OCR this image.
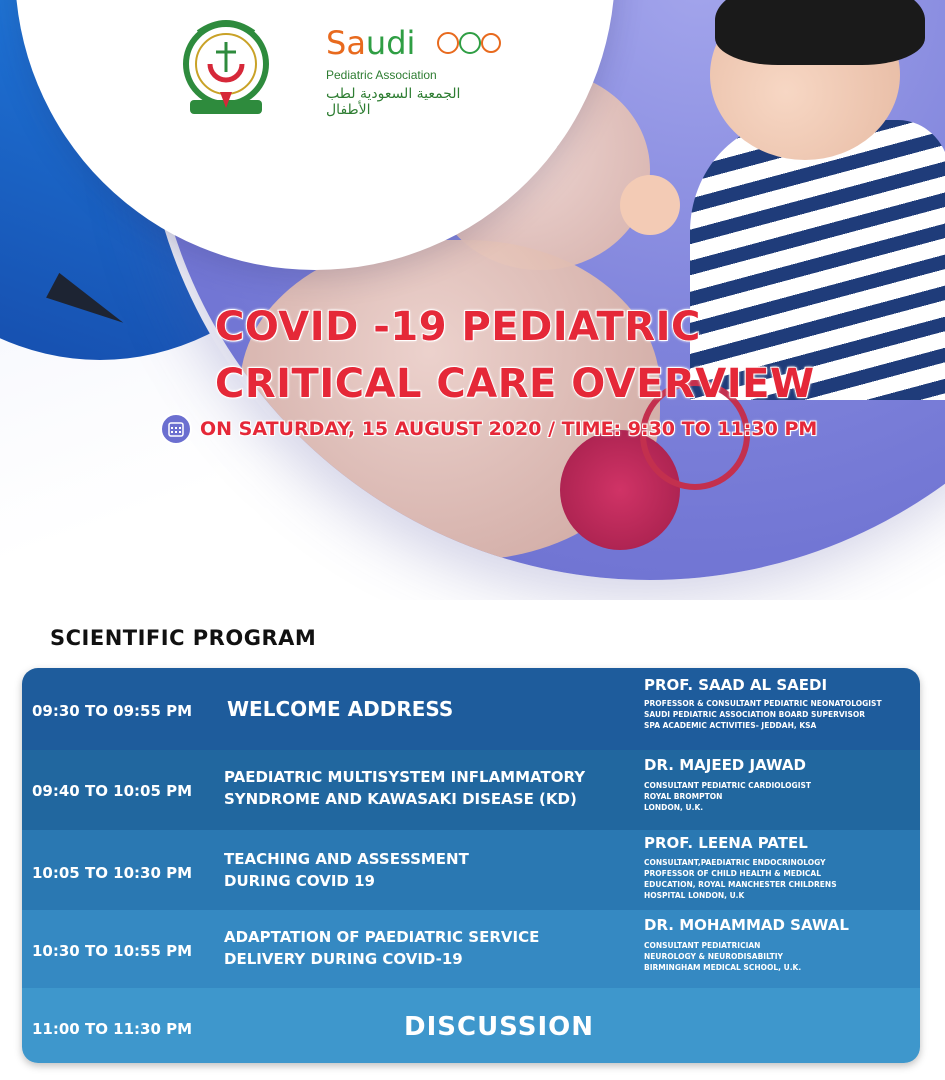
Saudi
Pediatric Association
الجمعية السعودية لطب الأطفال
COVID -19 PEDIATRIC
CRITICAL CARE OVERVIEW
ON SATURDAY, 15 AUGUST 2020 / TIME: 9:30 TO 11:30 PM
SCIENTIFIC PROGRAM
09:30 TO 09:55 PM WELCOME ADDRESS

PROF. SAAD AL SAEDI

PROFESSOR & CONSULTANT PEDIATRIC NEONATOLOGIST

SAUDI PEDIATRIC ASSOCIATION BOARD SUPERVISOR

SPA ACADEMIC ACTIVITIES- JEDDAH, KSA

09:40 TO 10:05 PM
PAEDIATRIC MULTISYSTEM INFLAMMATORY
SYNDROME AND KAWASAKI DISEASE (KD)

DR. MAJEED JAWAD

CONSULTANT PEDIATRIC CARDIOLOGIST

ROYAL BROMPTON

LONDON, U.K.

10:05 TO 10:30 PM
TEACHING AND ASSESSMENT
DURING COVID 19

PROF. LEENA PATEL

CONSULTANT,PAEDIATRIC ENDOCRINOLOGY

PROFESSOR OF CHILD HEALTH & MEDICAL

EDUCATION, ROYAL MANCHESTER CHILDRENS

HOSPITAL LONDON, U.K

10:30 TO 10:55 PM
ADAPTATION OF PAEDIATRIC SERVICE
DELIVERY DURING COVID-19

DR. MOHAMMAD SAWAL

CONSULTANT PEDIATRICIAN

NEUROLOGY & NEURODISABILTIY

BIRMINGHAM MEDICAL SCHOOL, U.K.

11:00 TO 11:30 PM	DISCUSSION
